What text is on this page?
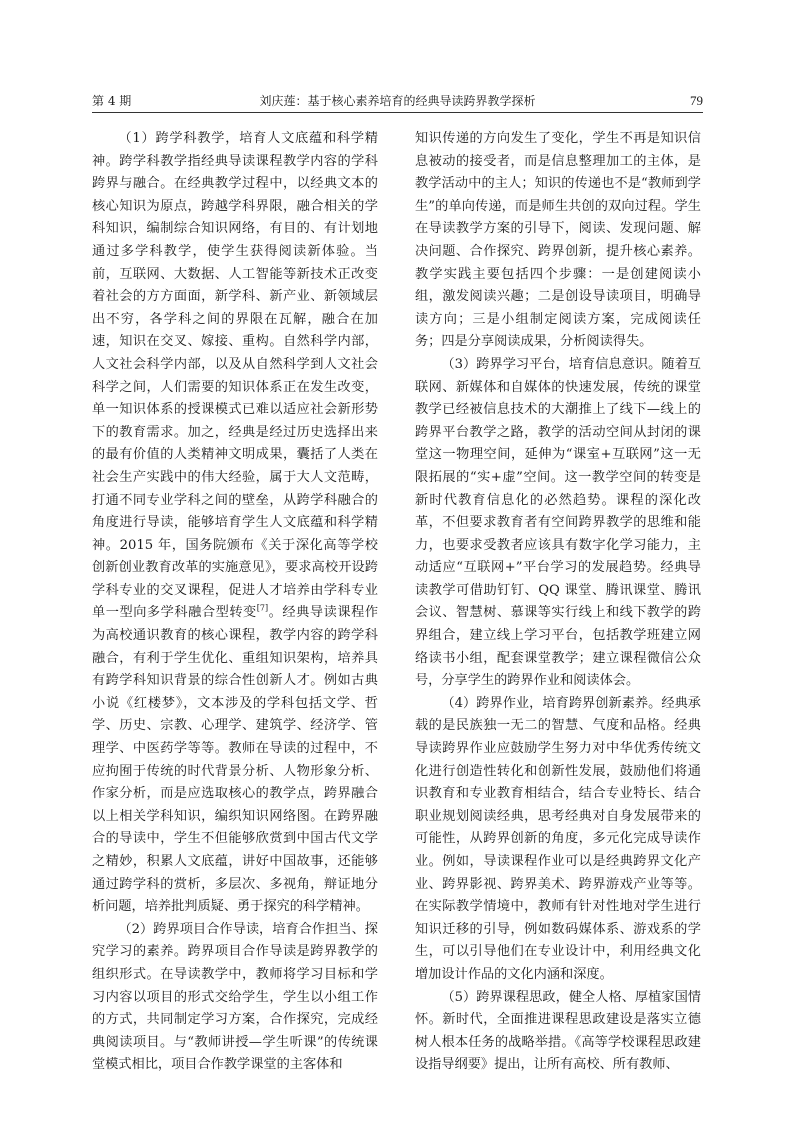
第 4 期	刘庆莲：基于核心素养培育的经典导读跨界教学探析	79

（1）跨学科教学，培育人文底蕴和科学精神。跨学科教学指经典导读课程教学内容的学科跨界与融合。在经典教学过程中，以经典文本的核心知识为原点，跨越学科界限，融合相关的学科知识，编制综合知识网络，有目的、有计划地通过多学科教学，使学生获得阅读新体验。当前，互联网、大数据、人工智能等新技术正改变着社会的方方面面，新学科、新产业、新领域层出不穷，各学科之间的界限在瓦解，融合在加速，知识在交叉、嫁接、重构。自然科学内部，人文社会科学内部，以及从自然科学到人文社会科学之间，人们需要的知识体系正在发生改变，单一知识体系的授课模式已难以适应社会新形势下的教育需求。加之，经典是经过历史选择出来的最有价值的人类精神文明成果，囊括了人类在社会生产实践中的伟大经验，属于大人文范畴，打通不同专业学科之间的壁垒，从跨学科融合的角度进行导读，能够培育学生人文底蕴和科学精神。2015 年，国务院颁布《关于深化高等学校创新创业教育改革的实施意见》，要求高校开设跨学科专业的交叉课程，促进人才培养由学科专业单一型向多学科融合型转变[7]。经典导读课程作为高校通识教育的核心课程，教学内容的跨学科融合，有利于学生优化、重组知识架构，培养具有跨学科知识背景的综合性创新人才。例如古典小说《红楼梦》，文本涉及的学科包括文学、哲学、历史、宗教、心理学、建筑学、经济学、管理学、中医药学等等。教师在导读的过程中，不应拘囿于传统的时代背景分析、人物形象分析、作家分析，而是应选取核心的教学点，跨界融合以上相关学科知识，编织知识网络图。在跨界融合的导读中，学生不但能够欣赏到中国古代文学之精妙，积累人文底蕴，讲好中国故事，还能够通过跨学科的赏析，多层次、多视角，辩证地分析问题，培养批判质疑、勇于探究的科学精神。

（2）跨界项目合作导读，培育合作担当、探究学习的素养。跨界项目合作导读是跨界教学的组织形式。在导读教学中，教师将学习目标和学习内容以项目的形式交给学生，学生以小组工作的方式，共同制定学习方案，合作探究，完成经典阅读项目。与“教师讲授—学生听课”的传统课堂模式相比，项目合作教学课堂的主客体和

知识传递的方向发生了变化，学生不再是知识信息被动的接受者，而是信息整理加工的主体，是教学活动中的主人；知识的传递也不是“教师到学生”的单向传递，而是师生共创的双向过程。学生在导读教学方案的引导下，阅读、发现问题、解决问题、合作探究、跨界创新，提升核心素养。教学实践主要包括四个步骤：一是创建阅读小组，激发阅读兴趣；二是创设导读项目，明确导读方向；三是小组制定阅读方案，完成阅读任务；四是分享阅读成果，分析阅读得失。

（3）跨界学习平台，培育信息意识。随着互联网、新媒体和自媒体的快速发展，传统的课堂教学已经被信息技术的大潮推上了线下—线上的跨界平台教学之路，教学的活动空间从封闭的课堂这一物理空间，延伸为“课室+互联网”这一无限拓展的“实+虚”空间。这一教学空间的转变是新时代教育信息化的必然趋势。课程的深化改革，不但要求教育者有空间跨界教学的思维和能力，也要求受教者应该具有数字化学习能力，主动适应“互联网+”平台学习的发展趋势。经典导读教学可借助钉钉、QQ 课堂、腾讯课堂、腾讯会议、智慧树、慕课等实行线上和线下教学的跨界组合，建立线上学习平台，包括教学班建立网络读书小组，配套课堂教学；建立课程微信公众号，分享学生的跨界作业和阅读体会。

（4）跨界作业，培育跨界创新素养。经典承载的是民族独一无二的智慧、气度和品格。经典导读跨界作业应鼓励学生努力对中华优秀传统文化进行创造性转化和创新性发展，鼓励他们将通识教育和专业教育相结合，结合专业特长、结合职业规划阅读经典，思考经典对自身发展带来的可能性，从跨界创新的角度，多元化完成导读作业。例如，导读课程作业可以是经典跨界文化产业、跨界影视、跨界美术、跨界游戏产业等等。在实际教学情境中，教师有针对性地对学生进行知识迁移的引导，例如数码媒体系、游戏系的学生，可以引导他们在专业设计中，利用经典文化增加设计作品的文化内涵和深度。

（5）跨界课程思政，健全人格、厚植家国情怀。新时代，全面推进课程思政建设是落实立德树人根本任务的战略举措。《高等学校课程思政建设指导纲要》提出，让所有高校、所有教师、
